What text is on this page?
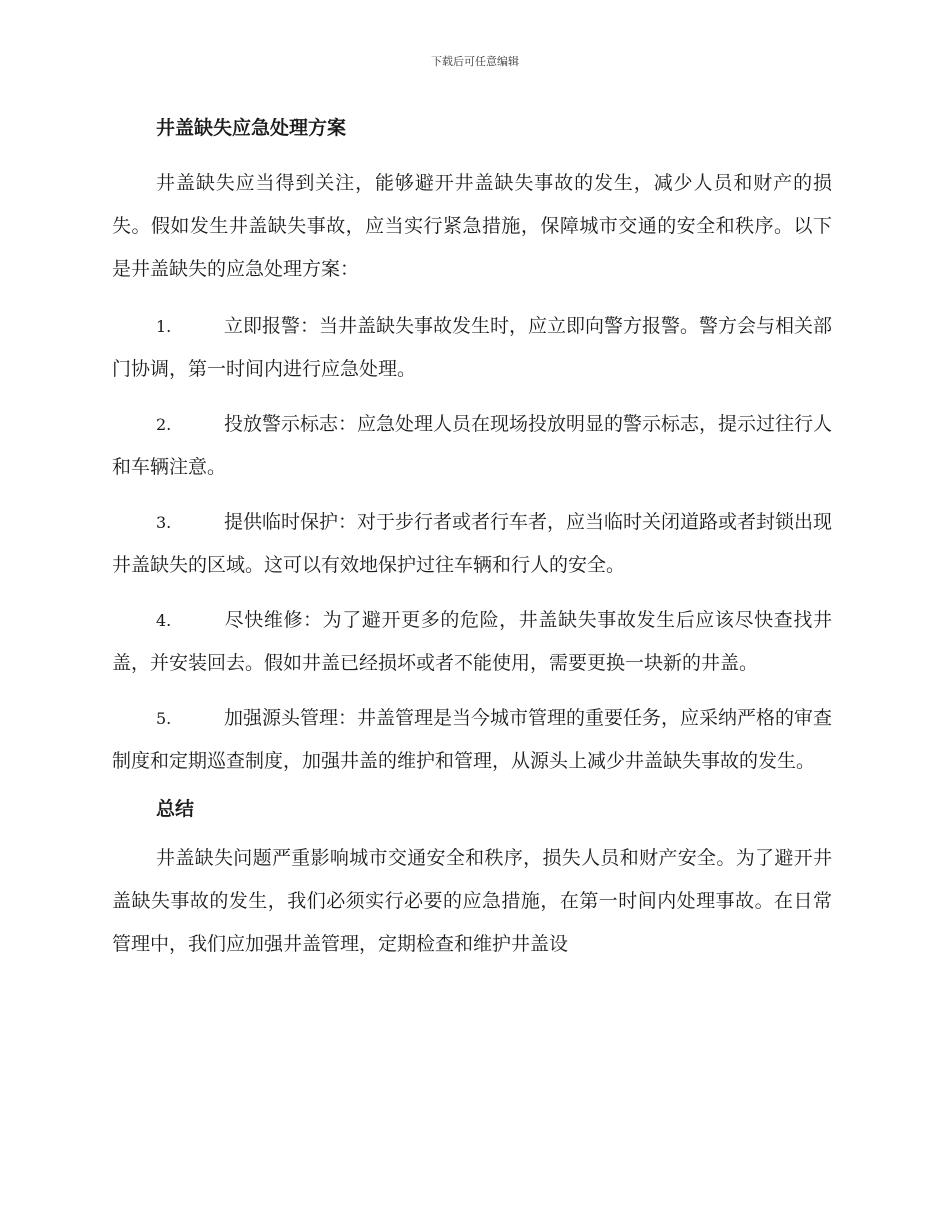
下载后可任意编辑
井盖缺失应急处理方案

井盖缺失应当得到关注，能够避开井盖缺失事故的发生，减少人员和财产的损失。假如发生井盖缺失事故，应当实行紧急措施，保障城市交通的安全和秩序。以下是井盖缺失的应急处理方案：

1.	立即报警：当井盖缺失事故发生时，应立即向警方报警。警方会与相关部门协调，第一时间内进行应急处理。

2.	投放警示标志：应急处理人员在现场投放明显的警示标志，提示过往行人和车辆注意。

3.	提供临时保护：对于步行者或者行车者，应当临时关闭道路或者封锁出现井盖缺失的区域。这可以有效地保护过往车辆和行人的安全。

4.	尽快维修：为了避开更多的危险，井盖缺失事故发生后应该尽快查找井盖，并安装回去。假如井盖已经损坏或者不能使用，需要更换一块新的井盖。

5.	加强源头管理：井盖管理是当今城市管理的重要任务，应采纳严格的审查制度和定期巡查制度，加强井盖的维护和管理，从源头上减少井盖缺失事故的发生。

总结

井盖缺失问题严重影响城市交通安全和秩序，损失人员和财产安全。为了避开井盖缺失事故的发生，我们必须实行必要的应急措施，在第一时间内处理事故。在日常管理中，我们应加强井盖管理，定期检查和维护井盖设
